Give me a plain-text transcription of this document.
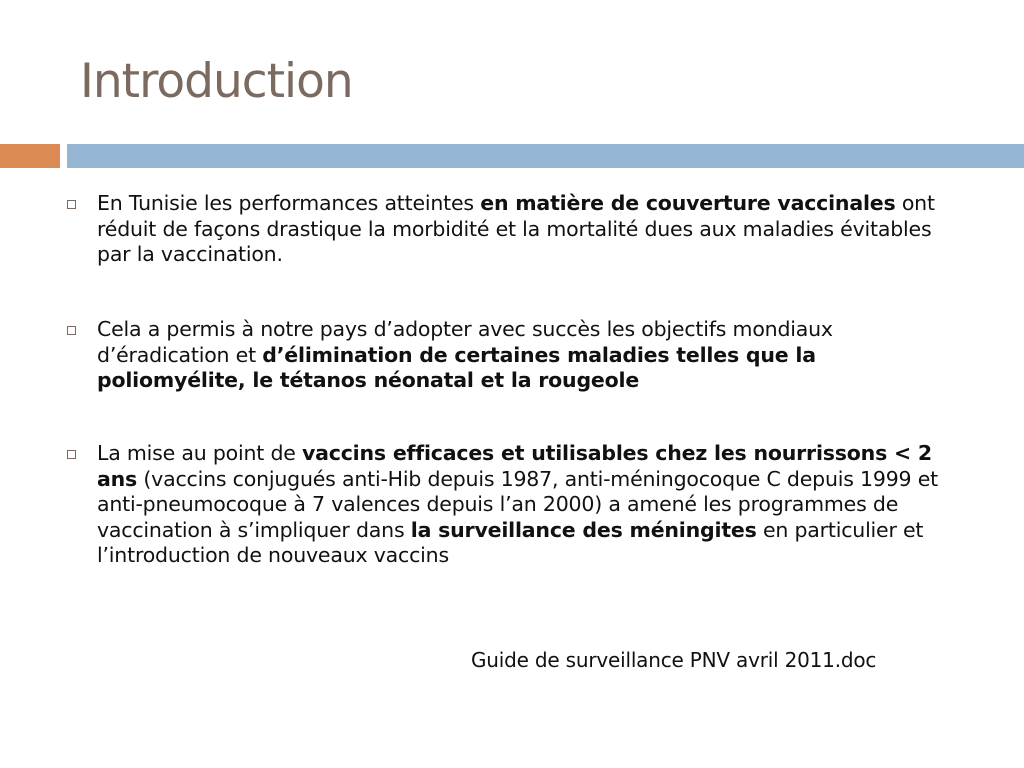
Introduction
En Tunisie les performances atteintes en matière de couverture vaccinales ont réduit de façons drastique la morbidité et la mortalité dues aux maladies évitables par la vaccination.
Cela a permis à notre pays d’adopter avec succès les objectifs mondiaux d’éradication et d’élimination de certaines maladies telles que la poliomyélite, le tétanos néonatal et la rougeole
La mise au point de vaccins efficaces et utilisables chez les nourrissons < 2 ans (vaccins conjugués anti-Hib depuis 1987, anti-méningocoque C depuis 1999 et anti-pneumocoque à 7 valences depuis l’an 2000) a amené les programmes de vaccination à s’impliquer dans la surveillance des méningites en particulier et l’introduction de nouveaux vaccins
Guide de surveillance PNV avril 2011.doc
